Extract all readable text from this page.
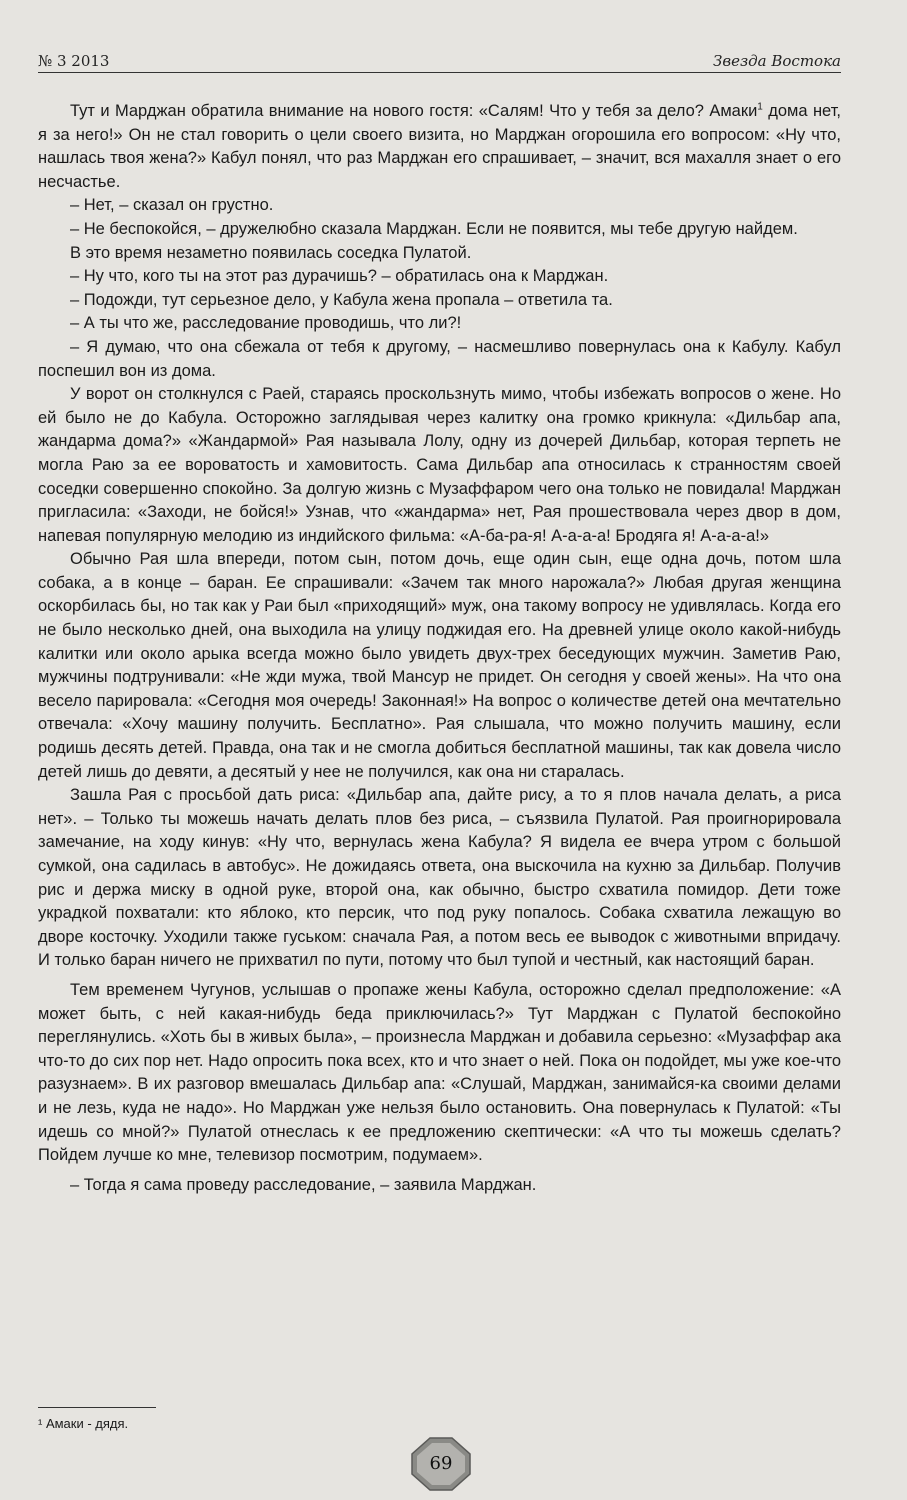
№ 3 2013	Звезда Востока

Тут и Марджан обратила внимание на нового гостя: «Салям! Что у тебя за дело? Амаки$^1$ дома нет, я за него!» Он не стал говорить о цели своего визита, но Марджан огорошила его вопросом: «Ну что, нашлась твоя жена?» Кабул понял, что раз Марджан его спрашивает, – значит, вся махалля знает о его несчастье.

– Нет, – сказал он грустно.

– Не беспокойся, – дружелюбно сказала Марджан. Если не появится, мы тебе другую найдем.

В это время незаметно появилась соседка Пулатой.

– Ну что, кого ты на этот раз дурачишь? – обратилась она к Марджан.

– Подожди, тут серьезное дело, у Кабула жена пропала – ответила та.

– А ты что же, расследование проводишь, что ли?!

– Я думаю, что она сбежала от тебя к другому, – насмешливо повернулась она к Кабулу. Кабул поспешил вон из дома.

У ворот он столкнулся с Раей, стараясь проскользнуть мимо, чтобы избежать вопросов о жене. Но ей было не до Кабула. Осторожно заглядывая через калитку она громко крикнула: «Дильбар апа, жандарма дома?» «Жандармой» Рая называла Лолу, одну из дочерей Дильбар, которая терпеть не могла Раю за ее вороватость и хамовитость. Сама Дильбар апа относилась к странностям своей соседки совершенно спокойно. За долгую жизнь с Музаффаром чего она только не повидала! Марджан пригласила: «Заходи, не бойся!» Узнав, что «жандарма» нет, Рая прошествовала через двор в дом, напевая популярную мелодию из индийского фильма: «А-ба-ра-я! А-а-а-а! Бродяга я! А-а-а-а!»

Обычно Рая шла впереди, потом сын, потом дочь, еще один сын, еще одна дочь, потом шла собака, а в конце – баран. Ее спрашивали: «Зачем так много нарожала?» Любая другая женщина оскорбилась бы, но так как у Раи был «приходящий» муж, она такому вопросу не удивлялась. Когда его не было несколько дней, она выходила на улицу поджидая его. На древней улице около какой-нибудь калитки или около арыка всегда можно было увидеть двух-трех беседующих мужчин. Заметив Раю, мужчины подтрунивали: «Не жди мужа, твой Мансур не придет. Он сегодня у своей жены». На что она весело парировала: «Сегодня моя очередь! Законная!» На вопрос о количестве детей она мечтательно отвечала: «Хочу машину получить. Бесплатно». Рая слышала, что можно получить машину, если родишь десять детей. Правда, она так и не смогла добиться бесплатной машины, так как довела число детей лишь до девяти, а десятый у нее не получился, как она ни старалась.

Зашла Рая с просьбой дать риса: «Дильбар апа, дайте рису, а то я плов начала делать, а риса нет». – Только ты можешь начать делать плов без риса, – съязвила Пулатой. Рая проигнорировала замечание, на ходу кинув: «Ну что, вернулась жена Кабула? Я видела ее вчера утром с большой сумкой, она садилась в автобус». Не дожидаясь ответа, она выскочила на кухню за Дильбар. Получив рис и держа миску в одной руке, второй она, как обычно, быстро схватила помидор. Дети тоже украдкой похватали: кто яблоко, кто персик, что под руку попалось. Собака схватила лежащую во дворе косточку. Уходили также гуськом: сначала Рая, а потом весь ее выводок с животными впридачу. И только баран ничего не прихватил по пути, потому что был тупой и честный, как настоящий баран.

Тем временем Чугунов, услышав о пропаже жены Кабула, осторожно сделал предположение: «А может быть, с ней какая-нибудь беда приключилась?» Тут Марджан с Пулатой беспокойно переглянулись. «Хоть бы в живых была», – произнесла Марджан и добавила серьезно: «Музаффар ака что-то до сих пор нет. Надо опросить пока всех, кто и что знает о ней. Пока он подойдет, мы уже кое-что разузнаем». В их разговор вмешалась Дильбар апа: «Слушай, Марджан, занимайся-ка своими делами и не лезь, куда не надо». Но Марджан уже нельзя было остановить. Она повернулась к Пулатой: «Ты идешь со мной?» Пулатой отнеслась к ее предложению скептически: «А что ты можешь сделать? Пойдем лучше ко мне, телевизор посмотрим, подумаем».

– Тогда я сама проведу расследование, – заявила Марджан.

¹ Амаки - дядя.
69
